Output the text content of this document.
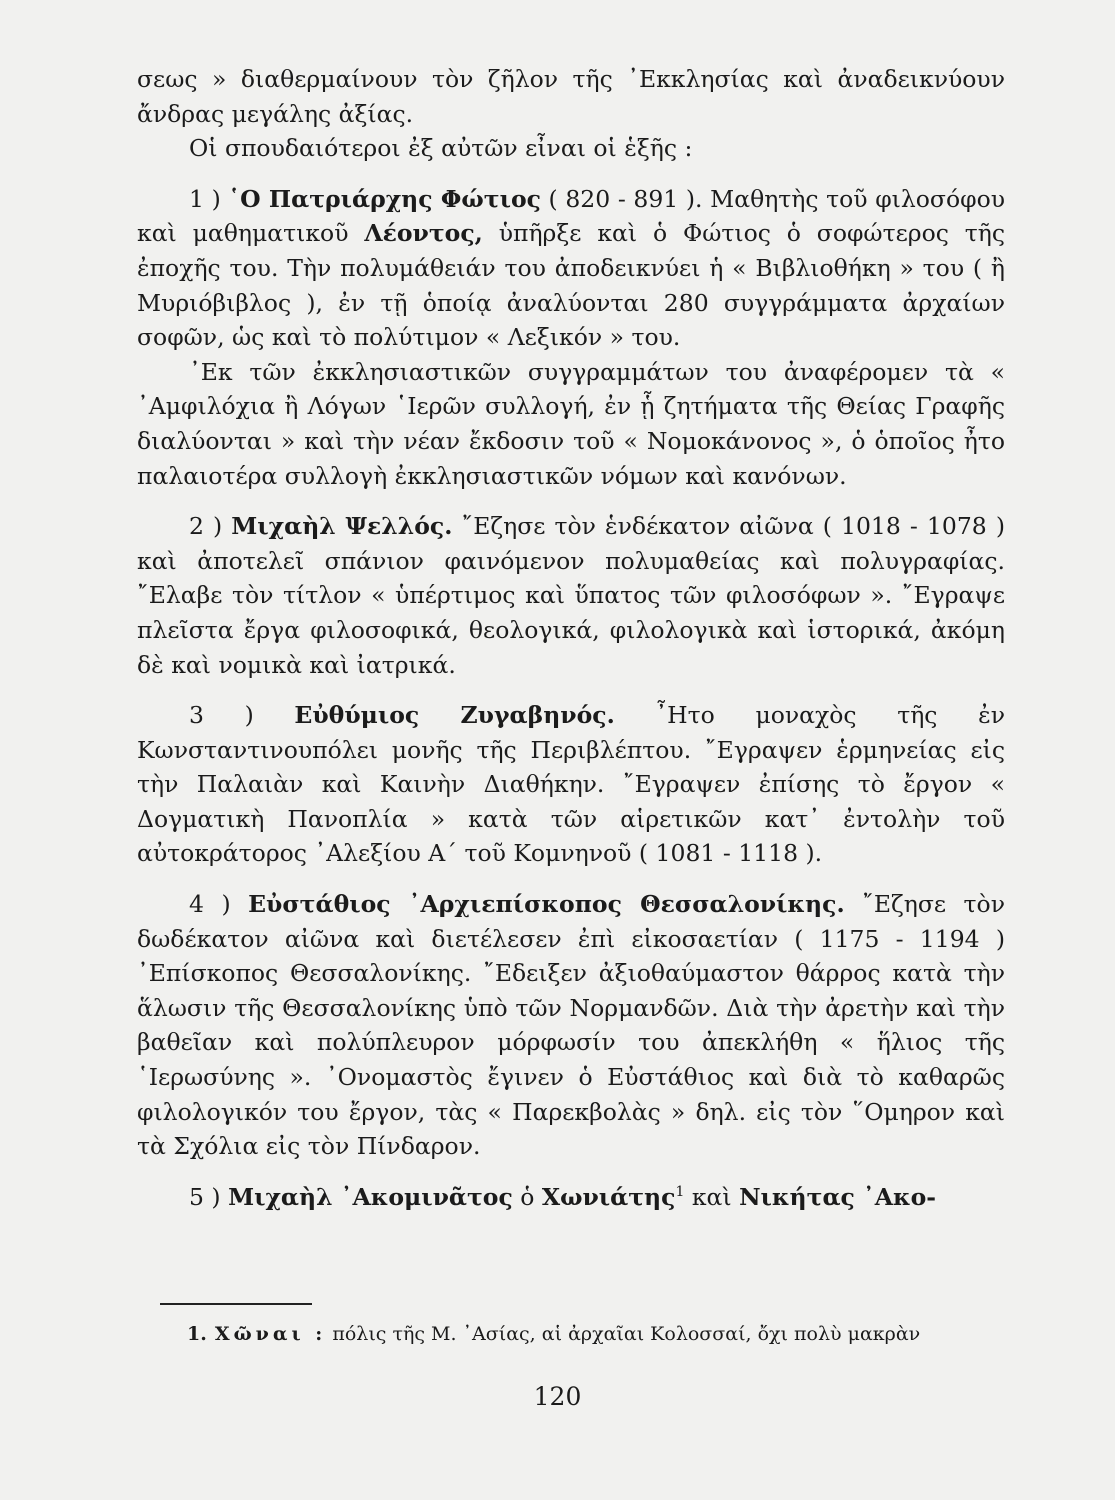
σεως » διαθερμαίνουν τὸν ζῆλον τῆς ᾿Εκκλησίας καὶ ἀναδεικνύουν ἄνδρας μεγάλης ἀξίας.

Οἱ σπουδαιότεροι ἐξ αὐτῶν εἶναι οἱ ἑξῆς :

1 ) ῾Ο Πατριάρχης Φώτιος ( 820 - 891 ). Μαθητὴς τοῦ φιλοσόφου καὶ μαθηματικοῦ Λέοντος, ὑπῆρξε καὶ ὁ Φώτιος ὁ σοφώτερος τῆς ἐποχῆς του. Τὴν πολυμάθειάν του ἀποδεικνύει ἡ « Βιβλιοθήκη » του ( ἢ Μυριόβιβλος ), ἐν τῇ ὁποίᾳ ἀναλύονται 280 συγγράμματα ἀρχαίων σοφῶν, ὡς καὶ τὸ πολύτιμον « Λεξικόν » του.

᾿Εκ τῶν ἐκκλησιαστικῶν συγγραμμάτων του ἀναφέρομεν τὰ « ᾿Αμφιλόχια ἢ Λόγων ῾Ιερῶν συλλογή, ἐν ᾗ ζητήματα τῆς Θείας Γραφῆς διαλύονται » καὶ τὴν νέαν ἔκδοσιν τοῦ « Νομοκάνονος », ὁ ὁποῖος ἦτο παλαιοτέρα συλλογὴ ἐκκλησιαστικῶν νόμων καὶ κανόνων.

2 ) Μιχαὴλ Ψελλός. ῎Εζησε τὸν ἑνδέκατον αἰῶνα ( 1018 - 1078 ) καὶ ἀποτελεῖ σπάνιον φαινόμενον πολυμαθείας καὶ πολυγραφίας. ῎Ελαβε τὸν τίτλον « ὑπέρτιμος καὶ ὕπατος τῶν φιλοσόφων ». ῎Εγραψε πλεῖστα ἔργα φιλοσοφικά, θεολογικά, φιλολογικὰ καὶ ἱστορικά, ἀκόμη δὲ καὶ νομικὰ καὶ ἰατρικά.

3 ) Εὐθύμιος Ζυγαβηνός. ῏Ητο μοναχὸς τῆς ἐν Κωνσταντινουπόλει μονῆς τῆς Περιβλέπτου. ῎Εγραψεν ἑρμηνείας εἰς τὴν Παλαιὰν καὶ Καινὴν Διαθήκην. ῎Εγραψεν ἐπίσης τὸ ἔργον « Δογματικὴ Πανοπλία » κατὰ τῶν αἱρετικῶν κατ᾿ ἐντολὴν τοῦ αὐτοκράτορος ᾿Αλεξίου Α΄ τοῦ Κομνηνοῦ ( 1081 - 1118 ).

4 ) Εὐστάθιος ᾿Αρχιεπίσκοπος Θεσσαλονίκης. ῎Εζησε τὸν δωδέκατον αἰῶνα καὶ διετέλεσεν ἐπὶ εἰκοσαετίαν ( 1175 - 1194 ) ᾿Επίσκοπος Θεσσαλονίκης. ῎Εδειξεν ἀξιοθαύμαστον θάρρος κατὰ τὴν ἅλωσιν τῆς Θεσσαλονίκης ὑπὸ τῶν Νορμανδῶν. Διὰ τὴν ἀρετὴν καὶ τὴν βαθεῖαν καὶ πολύπλευρον μόρφωσίν του ἀπεκλήθη « ἥλιος τῆς ῾Ιερωσύνης ». ᾿Ονομαστὸς ἔγινεν ὁ Εὐστάθιος καὶ διὰ τὸ καθαρῶς φιλολογικόν του ἔργον, τὰς « Παρεκβολὰς » δηλ. εἰς τὸν ῞Ομηρον καὶ τὰ Σχόλια εἰς τὸν Πίνδαρον.

5 ) Μιχαὴλ ᾿Ακομινᾶτος ὁ Χωνιάτης$^1$ καὶ Νικήτας ᾿Ακο-

1. Χῶναι : πόλις τῆς Μ. ᾿Ασίας, αἱ ἀρχαῖαι Κολοσσαί, ὄχι πολὺ μακρὰν
120
